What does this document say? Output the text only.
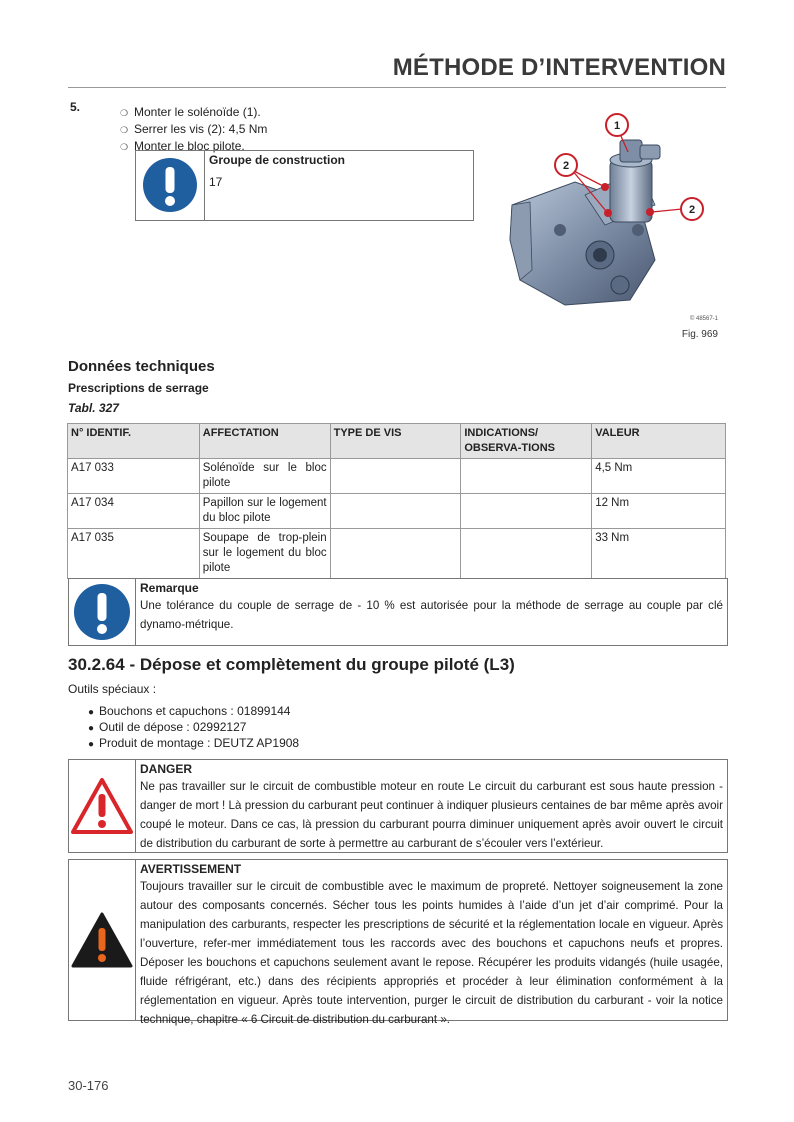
MÉTHODE D’INTERVENTION
5.	❍ Monter le solénoïde (1).
❍ Serrer les vis (2): 4,5 Nm
❍ Monter le bloc pilote.
Groupe de construction
17
1
2
2
© 48567-1
Fig. 969
Données techniques
Prescriptions de serrage
Tabl. 327
N° IDENTIF.	AFFECTATION	TYPE DE VIS	INDICATIONS/ OBSERVA-TIONS	VALEUR
A17 033	Solénoïde sur le bloc pilote			4,5 Nm
A17 034	Papillon sur le logement du bloc pilote			12 Nm
A17 035	Soupape de trop-plein sur le logement du bloc pilote			33 Nm
Remarque
Une tolérance du couple de serrage de - 10 % est autorisée pour la méthode de serrage au couple par clé dynamo-métrique.
30.2.64 - Dépose et complètement du groupe piloté (L3)
Outils spéciaux :
● Bouchons et capuchons : 01899144
● Outil de dépose : 02992127
● Produit de montage : DEUTZ AP1908
DANGER
Ne pas travailler sur le circuit de combustible moteur en route Le circuit du carburant est sous haute pression - danger de mort ! Là pression du carburant peut continuer à indiquer plusieurs centaines de bar même après avoir coupé le moteur. Dans ce cas, là pression du carburant pourra diminuer uniquement après avoir ouvert le circuit de distribution du carburant de sorte à permettre au carburant de s’écouler vers l’extérieur.
AVERTISSEMENT
Toujours travailler sur le circuit de combustible avec le maximum de propreté. Nettoyer soigneusement la zone autour des composants concernés. Sécher tous les points humides à l’aide d’un jet d’air comprimé. Pour la manipulation des carburants, respecter les prescriptions de sécurité et la réglementation locale en vigueur. Après l’ouverture, refer-mer immédiatement tous les raccords avec des bouchons et capuchons neufs et propres. Déposer les bouchons et capuchons seulement avant le repose. Récupérer les produits vidangés (huile usagée, fluide réfrigérant, etc.) dans des récipients appropriés et procéder à leur élimination conformément à la réglementation en vigueur. Après toute intervention, purger le circuit de distribution du carburant - voir la notice technique, chapitre « 6 Circuit de distribution du carburant ».
30-176
